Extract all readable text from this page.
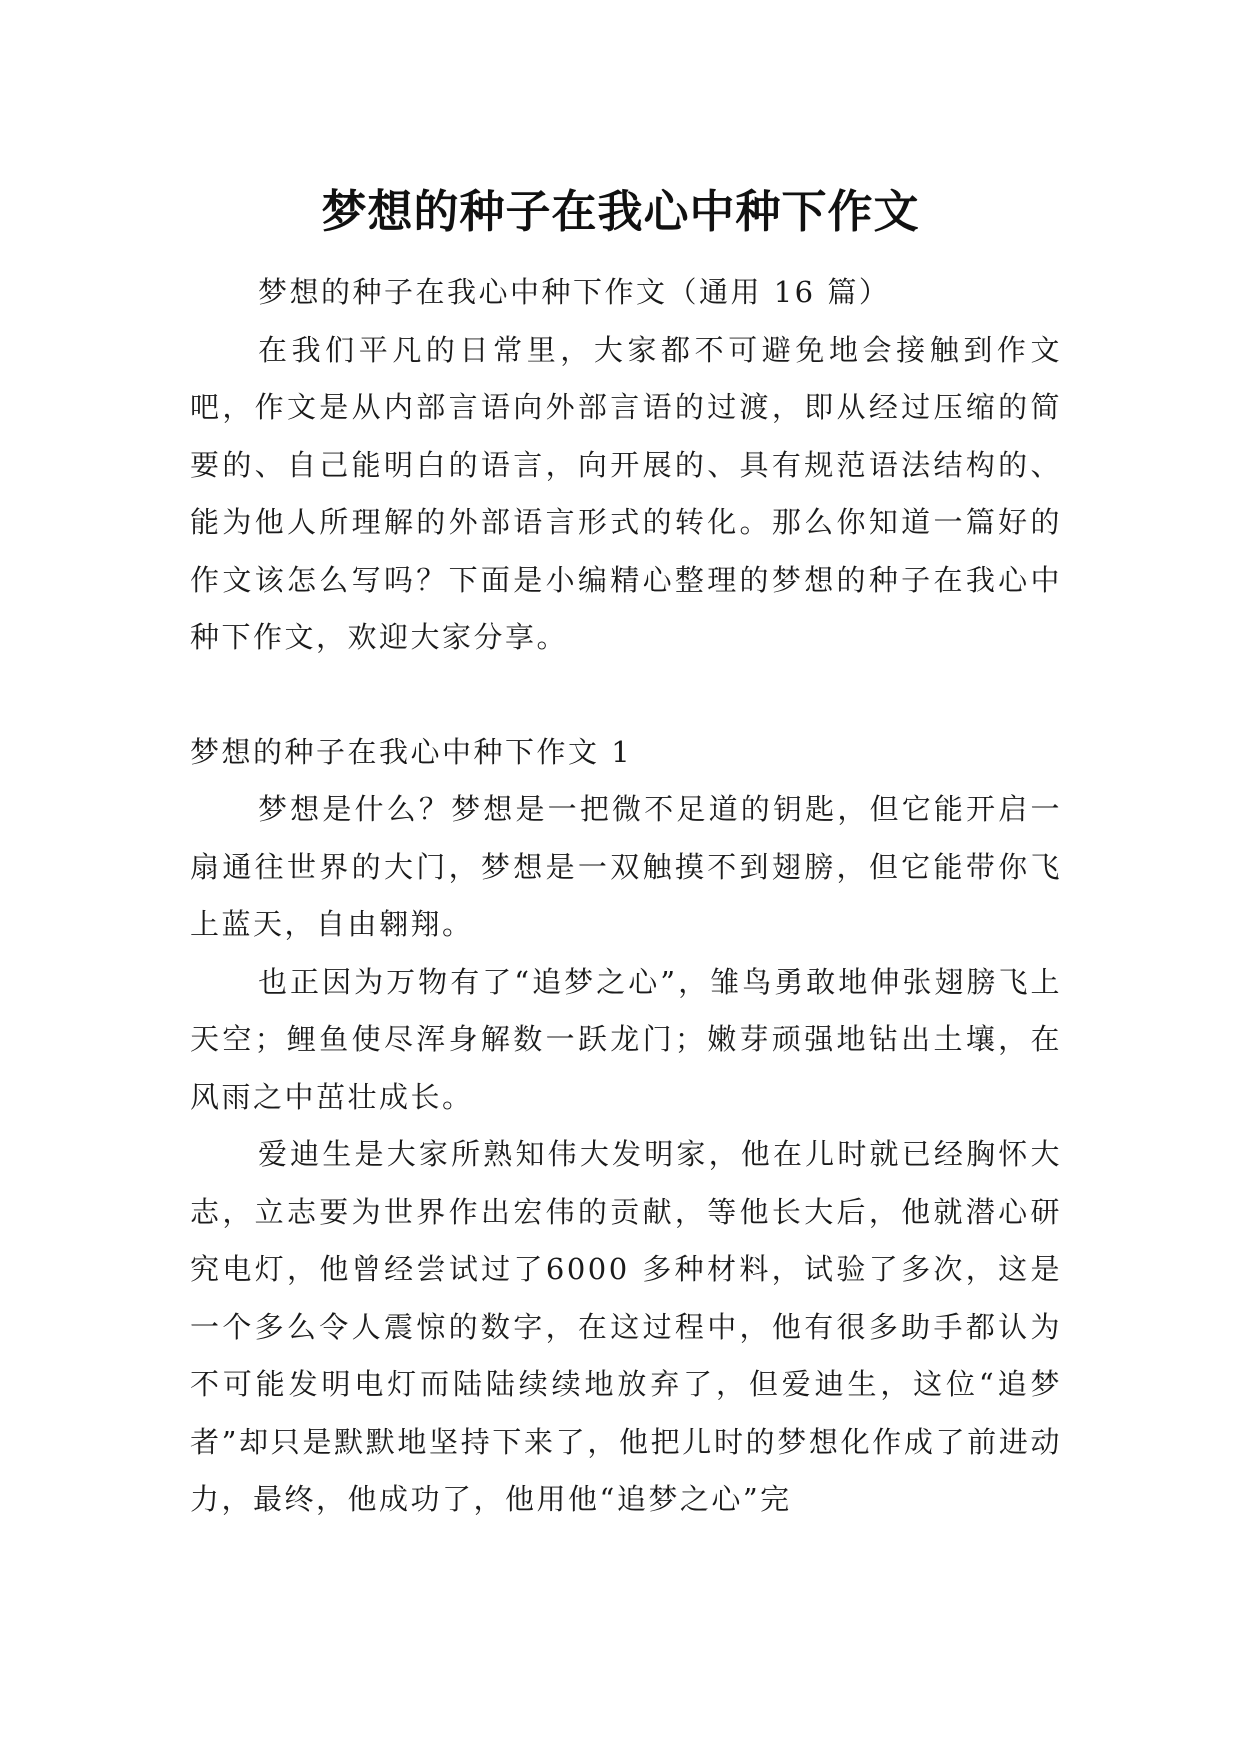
梦想的种子在我心中种下作文

梦想的种子在我心中种下作文（通用 16 篇）

在我们平凡的日常里，大家都不可避免地会接触到作文吧，作文是从内部言语向外部言语的过渡，即从经过压缩的简要的、自己能明白的语言，向开展的、具有规范语法结构的、能为他人所理解的外部语言形式的转化。那么你知道一篇好的作文该怎么写吗？下面是小编精心整理的梦想的种子在我心中种下作文，欢迎大家分享。

梦想的种子在我心中种下作文 1

梦想是什么？梦想是一把微不足道的钥匙，但它能开启一扇通往世界的大门，梦想是一双触摸不到翅膀，但它能带你飞上蓝天，自由翱翔。

也正因为万物有了“追梦之心”，雏鸟勇敢地伸张翅膀飞上天空；鲤鱼使尽浑身解数一跃龙门；嫩芽顽强地钻出土壤，在风雨之中茁壮成长。

爱迪生是大家所熟知伟大发明家，他在儿时就已经胸怀大志，立志要为世界作出宏伟的贡献，等他长大后，他就潜心研究电灯，他曾经尝试过了6000 多种材料，试验了多次，这是一个多么令人震惊的数字，在这过程中，他有很多助手都认为不可能发明电灯而陆陆续续地放弃了，但爱迪生，这位“追梦者”却只是默默地坚持下来了，他把儿时的梦想化作成了前进动力，最终，他成功了，他用他“追梦之心”完
